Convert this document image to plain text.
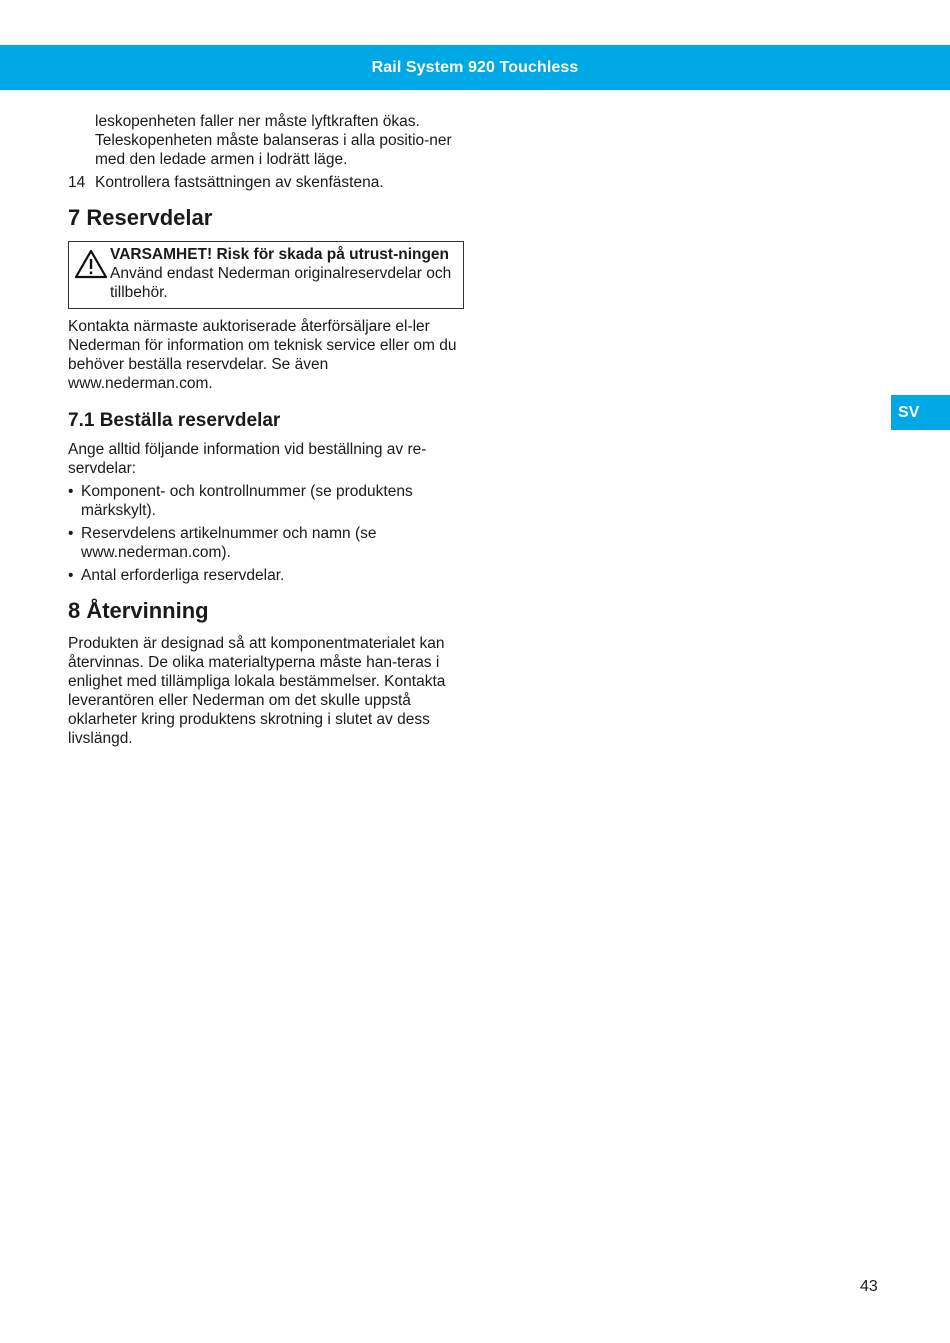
Rail System 920 Touchless

leskopenheten faller ner måste lyftkraften ökas. Teleskopenheten måste balanseras i alla positio-ner med den ledade armen i lodrätt läge.

14 Kontrollera fastsättningen av skenfästena.
7 Reservdelar

VARSAMHET! Risk för skada på utrust-ningen

Använd endast Nederman originalreservdelar och tillbehör.

Kontakta närmaste auktoriserade återförsäljare el-ler Nederman för information om teknisk service eller om du behöver beställa reservdelar. Se även www.nederman.com.

7.1 Beställa reservdelar

Ange alltid följande information vid beställning av re-servdelar:

• Komponent- och kontrollnummer (se produktens märkskylt).
• Reservdelens artikelnummer och namn (se www.nederman.com).
• Antal erforderliga reservdelar.
8 Återvinning

Produkten är designad så att komponentmaterialet kan återvinnas. De olika materialtyperna måste han-teras i enlighet med tillämpliga lokala bestämmelser. Kontakta leverantören eller Nederman om det skulle uppstå oklarheter kring produktens skrotning i slutet av dess livslängd.

SV
43
